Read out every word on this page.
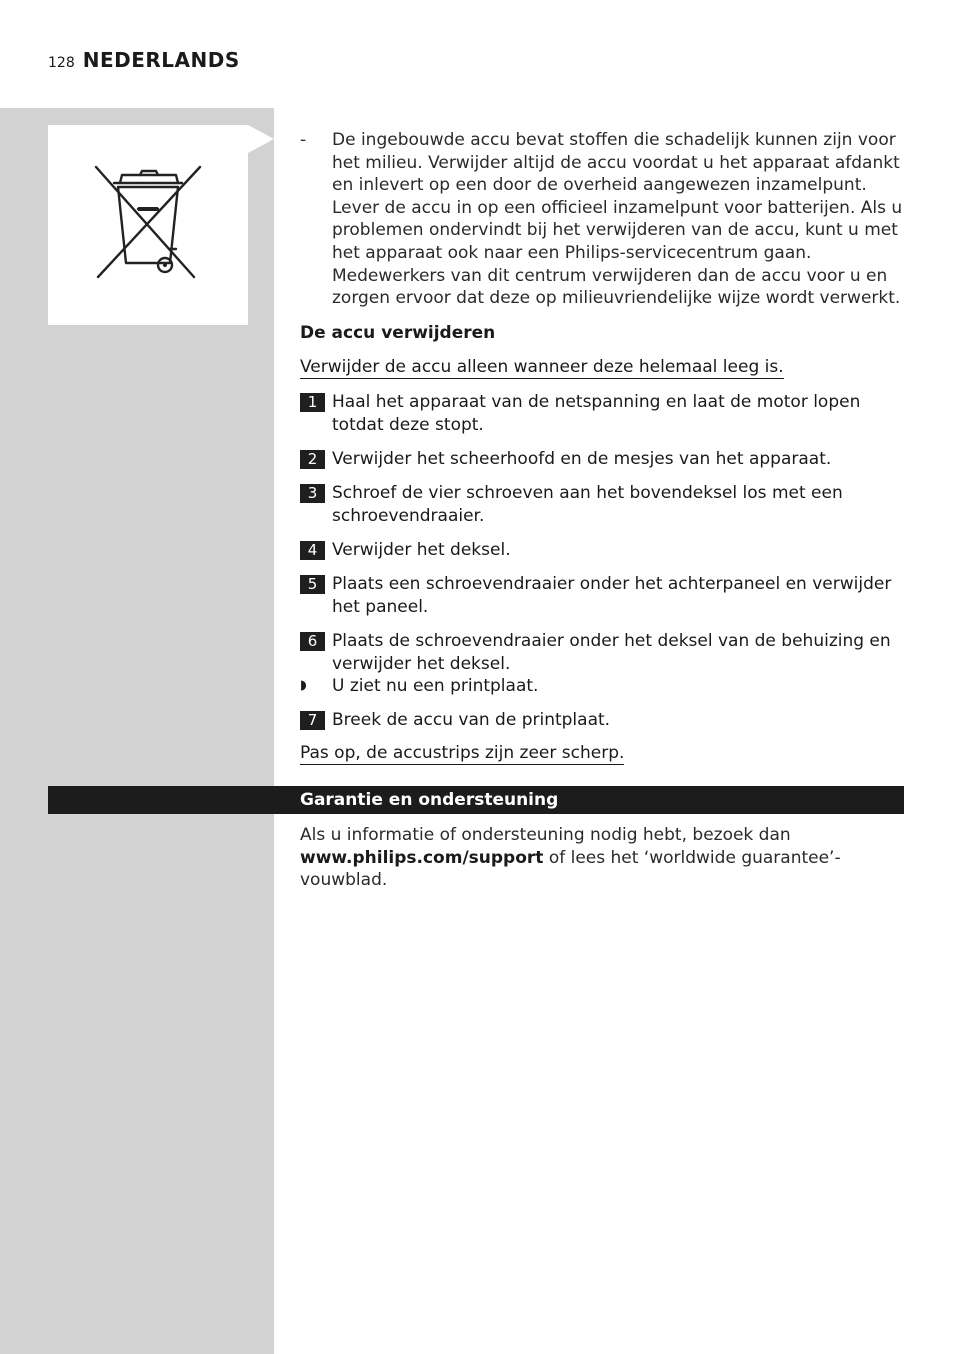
128 NEDERLANDS
-	De ingebouwde accu bevat stoffen die schadelijk kunnen zijn voor het milieu. Verwijder altijd de accu voordat u het apparaat afdankt en inlevert op een door de overheid aangewezen inzamelpunt. Lever de accu in op een officieel inzamelpunt voor batterijen. Als u problemen ondervindt bij het verwijderen van de accu, kunt u met het apparaat ook naar een Philips-servicecentrum gaan. Medewerkers van dit centrum verwijderen dan de accu voor u en zorgen ervoor dat deze op milieuvriendelijke wijze wordt verwerkt.
De accu verwijderen
Verwijder de accu alleen wanneer deze helemaal leeg is.
1 Haal het apparaat van de netspanning en laat de motor lopen totdat deze stopt.
2 Verwijder het scheerhoofd en de mesjes van het apparaat.
3 Schroef de vier schroeven aan het bovendeksel los met een schroevendraaier.
4 Verwijder het deksel.
5 Plaats een schroevendraaier onder het achterpaneel en verwijder het paneel.
6 Plaats de schroevendraaier onder het deksel van de behuizing en verwijder het deksel.
◗	U ziet nu een printplaat.
7 Breek de accu van de printplaat.
Pas op, de accustrips zijn zeer scherp.
Garantie en ondersteuning
Als u informatie of ondersteuning nodig hebt, bezoek dan
www.philips.com/support of lees het ‘worldwide guarantee’-vouwblad.
